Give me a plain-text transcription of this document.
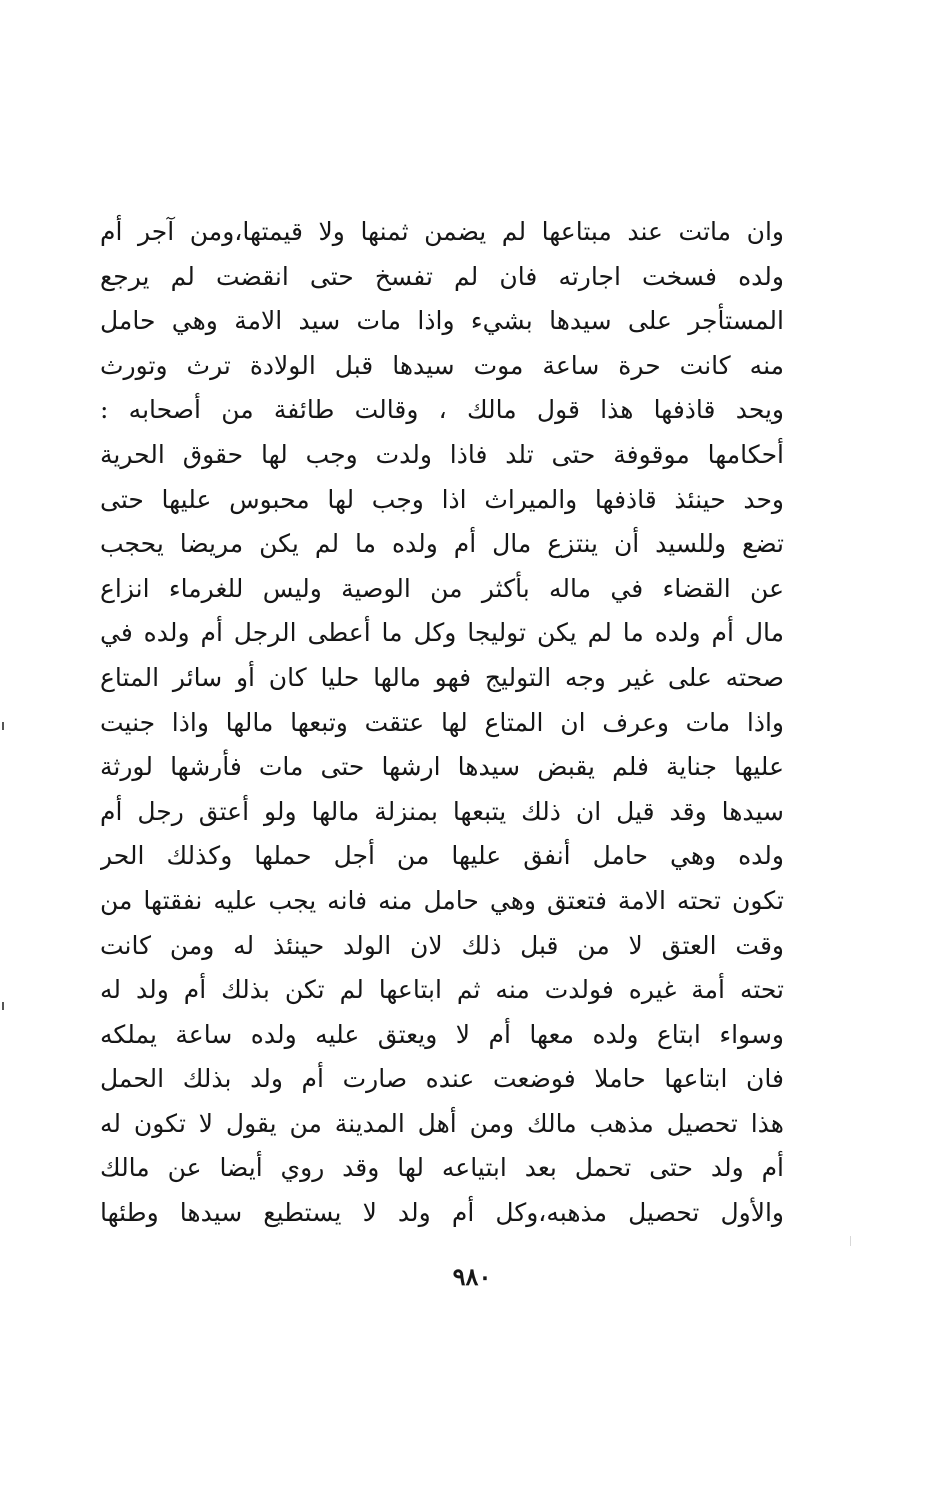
وان ماتت عند مبتاعها لم يضمن ثمنها ولا قيمتها،ومن آجر أم
ولده فسخت اجارته فان لم تفسخ حتى انقضت لم يرجع
المستأجر على سيدها بشيء واذا مات سيد الامة وهي حامل
منه كانت حرة ساعة موت سيدها قبل الولادة ترث وتورث
ويحد قاذفها هذا قول مالك ، وقالت طائفة من أصحابه :
أحكامها موقوفة حتى تلد فاذا ولدت وجب لها حقوق الحرية
وحد حينئذ قاذفها والميراث اذا وجب لها محبوس عليها حتى
تضع وللسيد أن ينتزع مال أم ولده ما لم يكن مريضا يحجب
عن القضاء في ماله بأكثر من الوصية وليس للغرماء انزاع
مال أم ولده ما لم يكن توليجا وكل ما أعطى الرجل أم ولده في
صحته على غير وجه التوليج فهو مالها حليا كان أو سائر المتاع
واذا مات وعرف ان المتاع لها عتقت وتبعها مالها واذا جنيت
عليها جناية فلم يقبض سيدها ارشها حتى مات فأرشها لورثة
سيدها وقد قيل ان ذلك يتبعها بمنزلة مالها ولو أعتق رجل أم
ولده وهي حامل أنفق عليها من أجل حملها وكذلك الحر
تكون تحته الامة فتعتق وهي حامل منه فانه يجب عليه نفقتها من
وقت العتق لا من قبل ذلك لان الولد حينئذ له ومن كانت
تحته أمة غيره فولدت منه ثم ابتاعها لم تكن بذلك أم ولد له
وسواء ابتاع ولده معها أم لا ويعتق عليه ولده ساعة يملكه
فان ابتاعها حاملا فوضعت عنده صارت أم ولد بذلك الحمل
هذا تحصيل مذهب مالك ومن أهل المدينة من يقول لا تكون له
أم ولد حتى تحمل بعد ابتياعه لها وقد روي أيضا عن مالك
والأول تحصيل مذهبه،وكل أم ولد لا يستطيع سيدها وطئها
٩٨٠
